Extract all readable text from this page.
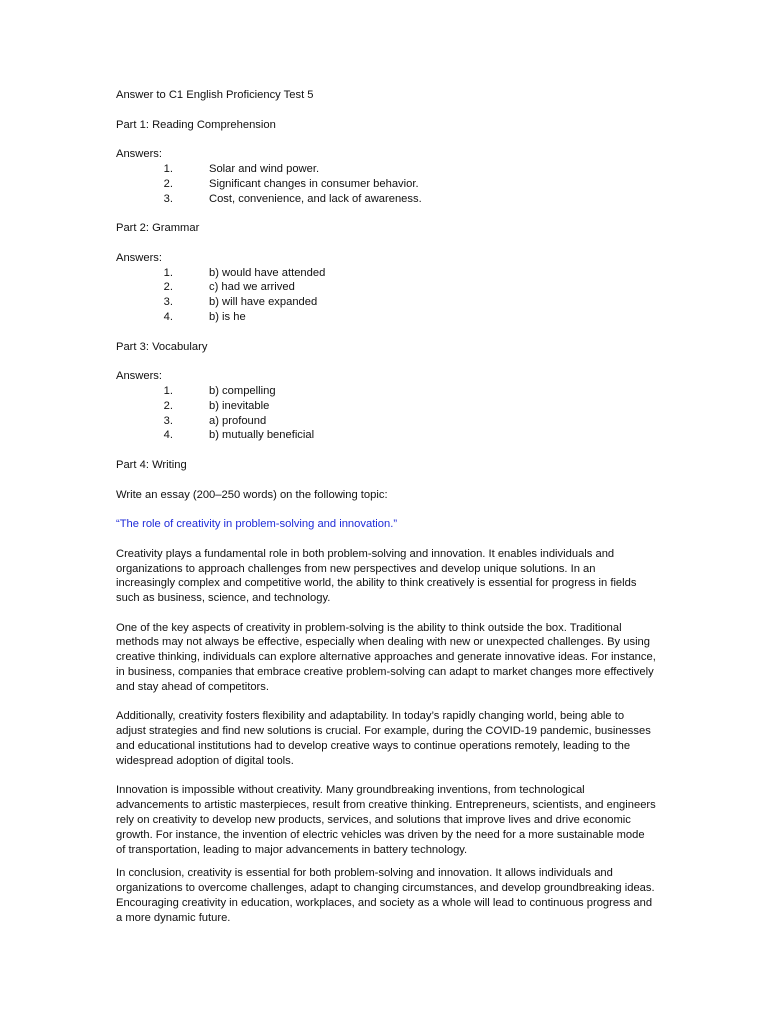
Answer to C1 English Proficiency Test 5

Part 1: Reading Comprehension

Answers:

1.	Solar and wind power.
2.	Significant changes in consumer behavior.
3.	Cost, convenience, and lack of awareness.

Part 2: Grammar

Answers:

1.	b) would have attended
2.	c) had we arrived
3.	b) will have expanded
4.	b) is he

Part 3: Vocabulary

Answers:

1.	b) compelling
2.	b) inevitable
3.	a) profound
4.	b) mutually beneficial

Part 4: Writing

Write an essay (200–250 words) on the following topic:

“The role of creativity in problem-solving and innovation.”

Creativity plays a fundamental role in both problem-solving and innovation. It enables individuals and organizations to approach challenges from new perspectives and develop unique solutions. In an increasingly complex and competitive world, the ability to think creatively is essential for progress in fields such as business, science, and technology.

One of the key aspects of creativity in problem-solving is the ability to think outside the box. Traditional methods may not always be effective, especially when dealing with new or unexpected challenges. By using creative thinking, individuals can explore alternative approaches and generate innovative ideas. For instance, in business, companies that embrace creative problem-solving can adapt to market changes more effectively and stay ahead of competitors.

Additionally, creativity fosters flexibility and adaptability. In today’s rapidly changing world, being able to adjust strategies and find new solutions is crucial. For example, during the COVID-19 pandemic, businesses and educational institutions had to develop creative ways to continue operations remotely, leading to the widespread adoption of digital tools.

Innovation is impossible without creativity. Many groundbreaking inventions, from technological advancements to artistic masterpieces, result from creative thinking. Entrepreneurs, scientists, and engineers rely on creativity to develop new products, services, and solutions that improve lives and drive economic growth. For instance, the invention of electric vehicles was driven by the need for a more sustainable mode of transportation, leading to major advancements in battery technology.

In conclusion, creativity is essential for both problem-solving and innovation. It allows individuals and organizations to overcome challenges, adapt to changing circumstances, and develop groundbreaking ideas. Encouraging creativity in education, workplaces, and society as a whole will lead to continuous progress and a more dynamic future.
